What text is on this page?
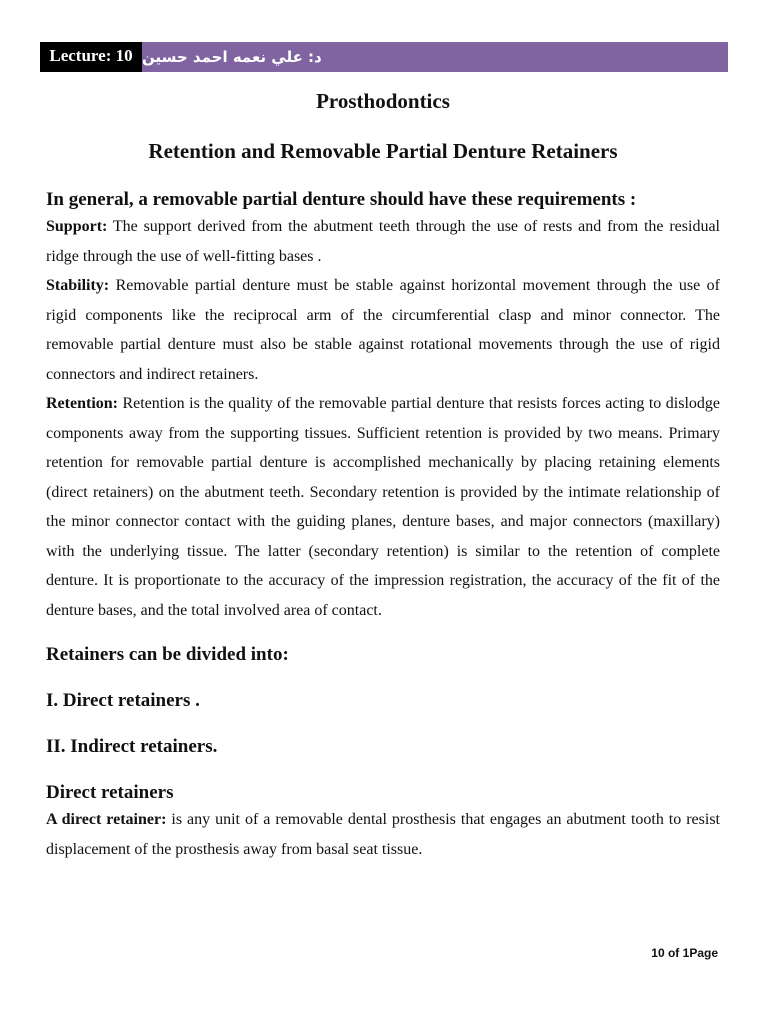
Lecture: 10 د: علي نعمه احمد حسين
Prosthodontics
Retention and Removable Partial Denture Retainers
In general, a removable partial denture should have these requirements :

Support: The support derived from the abutment teeth through the use of rests and from the residual ridge through the use of well-fitting bases .

Stability: Removable partial denture must be stable against horizontal movement through the use of rigid components like the reciprocal arm of the circumferential clasp and minor connector. The removable partial denture must also be stable against rotational movements through the use of rigid connectors and indirect retainers.

Retention: Retention is the quality of the removable partial denture that resists forces acting to dislodge components away from the supporting tissues. Sufficient retention is provided by two means. Primary retention for removable partial denture is accomplished mechanically by placing retaining elements (direct retainers) on the abutment teeth. Secondary retention is provided by the intimate relationship of the minor connector contact with the guiding planes, denture bases, and major connectors (maxillary) with the underlying tissue. The latter (secondary retention) is similar to the retention of complete denture. It is proportionate to the accuracy of the impression registration, the accuracy of the fit of the denture bases, and the total involved area of contact.

Retainers can be divided into:
I. Direct retainers .
II. Indirect retainers.
Direct retainers

A direct retainer: is any unit of a removable dental prosthesis that engages an abutment tooth to resist displacement of the prosthesis away from basal seat tissue.

10 of 1Page
